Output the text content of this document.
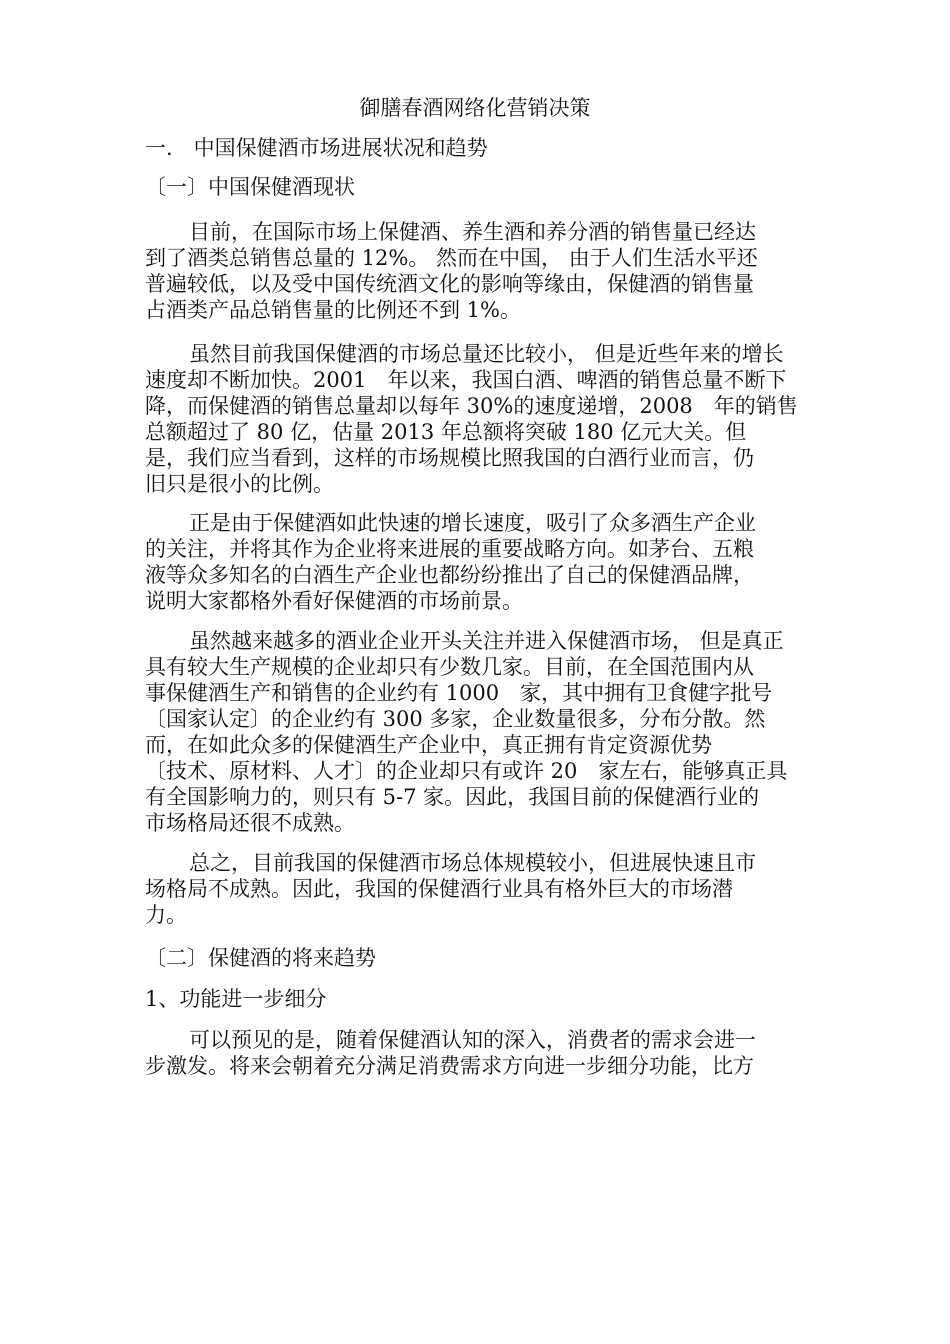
御膳春酒网络化营销决策
一.　中国保健酒市场进展状况和趋势
〔一〕中国保健酒现状
目前，在国际市场上保健酒、养生酒和养分酒的销售量已经达
到了酒类总销售总量的 12%。 然而在中国， 由于人们生活水平还
普遍较低，以及受中国传统酒文化的影响等缘由，保健酒的销售量
占酒类产品总销售量的比例还不到 1%。
虽然目前我国保健酒的市场总量还比较小， 但是近些年来的增长
速度却不断加快。2001　年以来，我国白酒、啤酒的销售总量不断下
降，而保健酒的销售总量却以每年 30%的速度递增，2008　年的销售
总额超过了 80 亿，估量 2013 年总额将突破 180 亿元大关。但
是，我们应当看到，这样的市场规模比照我国的白酒行业而言，仍
旧只是很小的比例。
正是由于保健酒如此快速的增长速度，吸引了众多酒生产企业
的关注，并将其作为企业将来进展的重要战略方向。如茅台、五粮
液等众多知名的白酒生产企业也都纷纷推出了自己的保健酒品牌，
说明大家都格外看好保健酒的市场前景。
虽然越来越多的酒业企业开头关注并进入保健酒市场， 但是真正
具有较大生产规模的企业却只有少数几家。目前，在全国范围内从
事保健酒生产和销售的企业约有 1000　家，其中拥有卫食健字批号
〔国家认定〕的企业约有 300 多家，企业数量很多，分布分散。然
而，在如此众多的保健酒生产企业中，真正拥有肯定资源优势
〔技术、原材料、人才〕的企业却只有或许 20　家左右，能够真正具
有全国影响力的，则只有 5-7 家。因此，我国目前的保健酒行业的
市场格局还很不成熟。
总之，目前我国的保健酒市场总体规模较小，但进展快速且市
场格局不成熟。因此，我国的保健酒行业具有格外巨大的市场潜
力。
〔二〕保健酒的将来趋势
1、功能进一步细分
可以预见的是，随着保健酒认知的深入，消费者的需求会进一
步激发。将来会朝着充分满足消费需求方向进一步细分功能，比方
